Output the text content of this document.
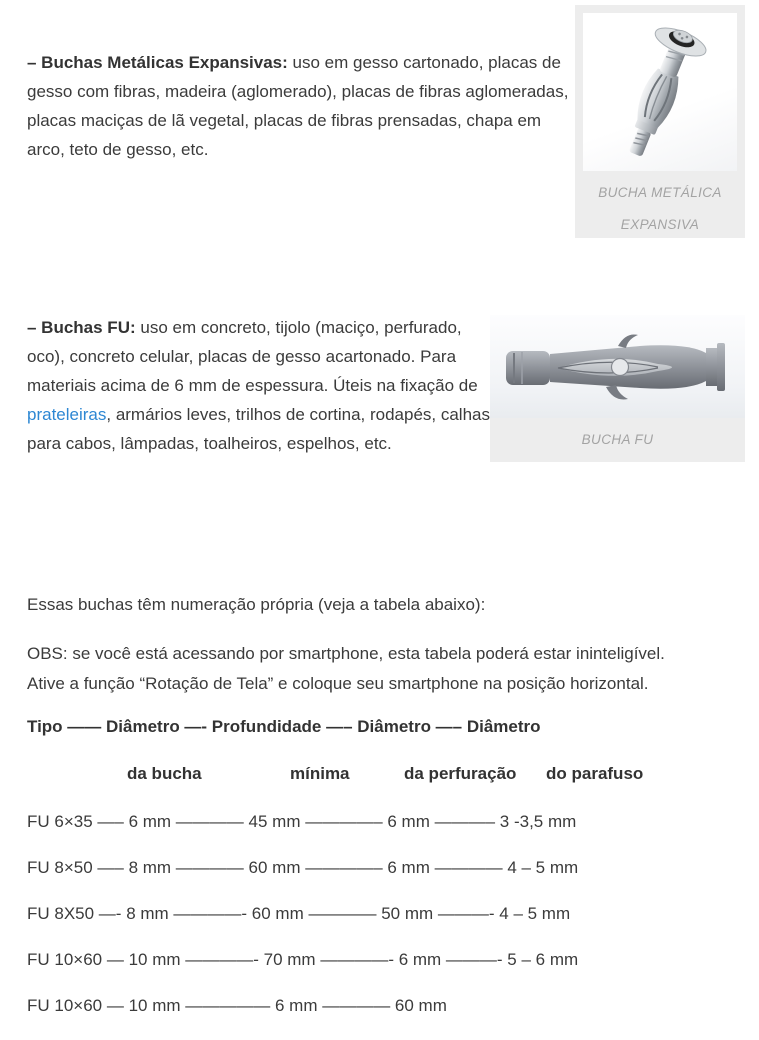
– Buchas Metálicas Expansivas: uso em gesso cartonado, placas de gesso com fibras, madeira (aglomerado), placas de fibras aglomeradas, placas maciças de lã vegetal, placas de fibras prensadas, chapa em arco, teto de gesso, etc.

BUCHA METÁLICA
EXPANSIVA

– Buchas FU: uso em concreto, tijolo (maciço, perfurado, oco), concreto celular, placas de gesso acartonado. Para materiais acima de 6 mm de espessura. Úteis na fixação de prateleiras, armários leves, trilhos de cortina, rodapés, calhas para cabos, lâmpadas, toalheiros, espelhos, etc.	BUCHA FU

Essas buchas têm numeração própria (veja a tabela abaixo):

OBS: se você está acessando por smartphone, esta tabela poderá estar ininteligível.
Ative a função “Rotação de Tela” e coloque seu smartphone na posição horizontal.

Tipo —— Diâmetro —- Profundidade —– Diâmetro —– Diâmetro

da bucha	mínima	da perfuração do parafuso

FU 6×35 —– 6 mm ———— 45 mm ————– 6 mm ———– 3 -3,5 mm

FU 8×50 —– 8 mm ———— 60 mm ————– 6 mm ———— 4 – 5 mm

FU 8X50 —- 8 mm ————- 60 mm ———— 50 mm ———- 4 – 5 mm

FU 10×60 — 10 mm ————- 70 mm ————- 6 mm ———- 5 – 6 mm

FU 10×60 — 10 mm ————— 6 mm ———— 60 mm
